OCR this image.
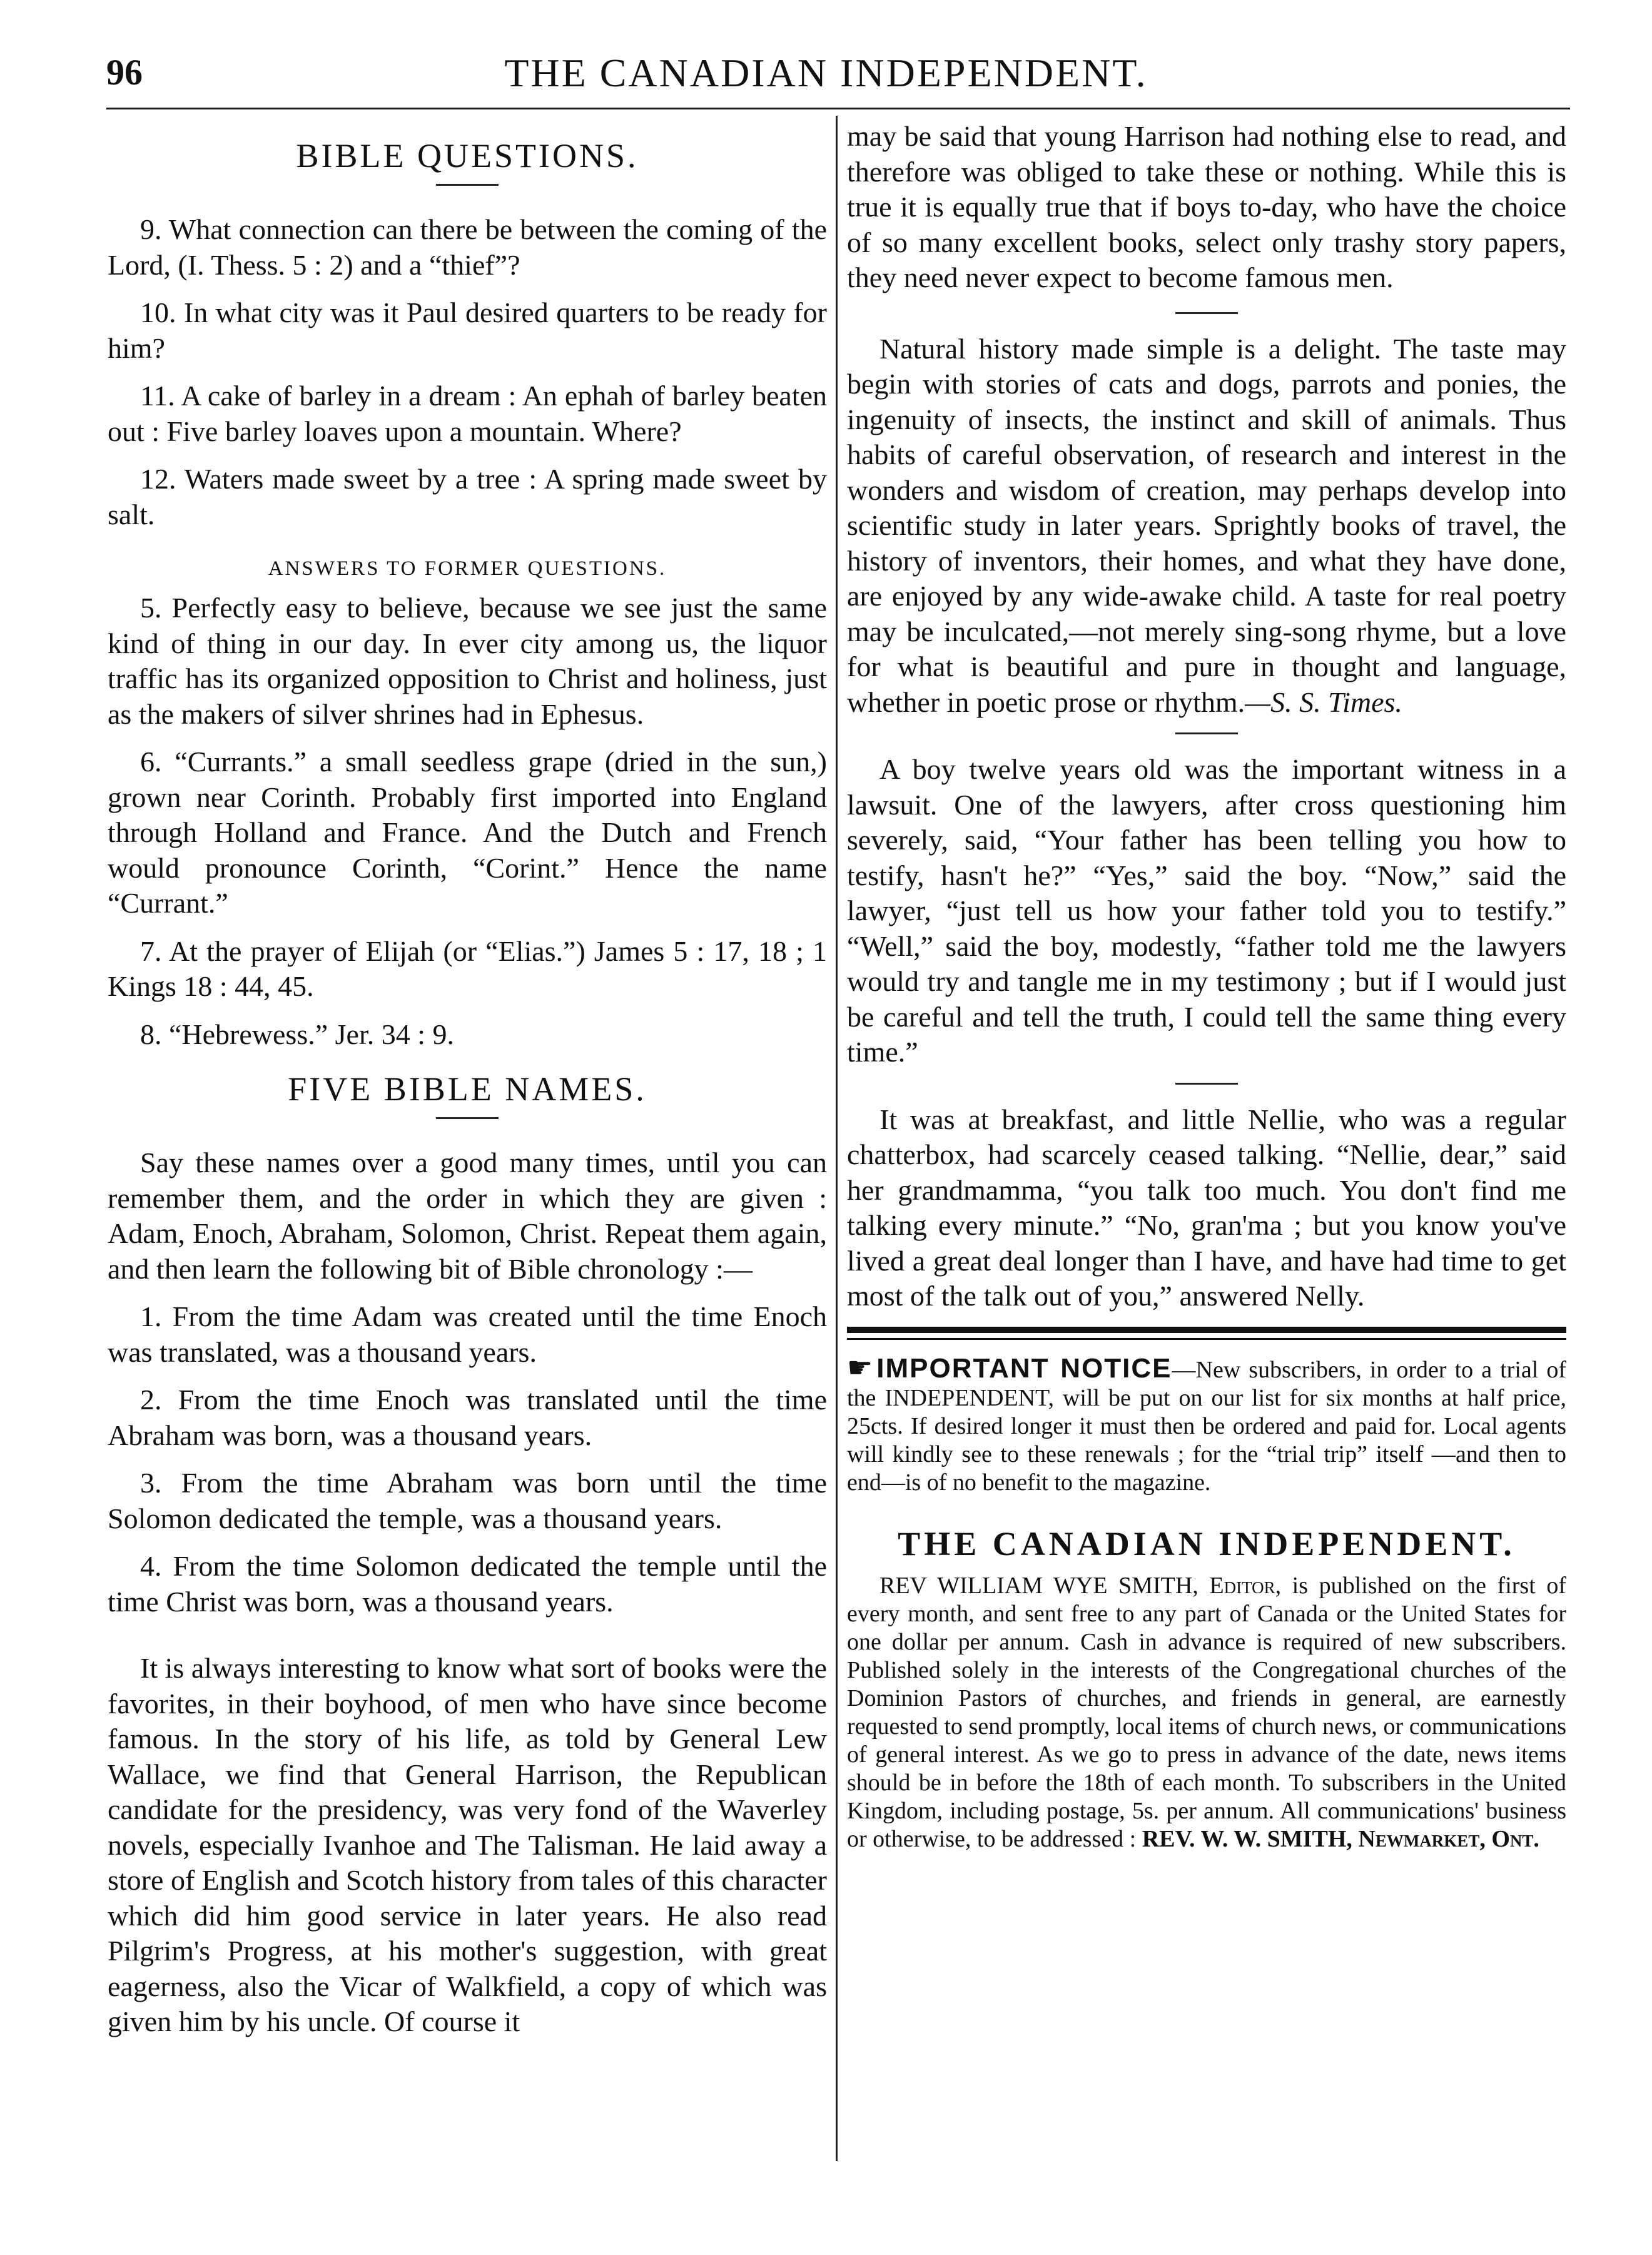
96	THE CANADIAN INDEPENDENT.
BIBLE QUESTIONS.

9. What connection can there be between the coming of the Lord, (I. Thess. 5 : 2) and a “thief”?

10. In what city was it Paul desired quarters to be ready for him?

11. A cake of barley in a dream : An ephah of barley beaten out : Five barley loaves upon a mountain. Where?

12. Waters made sweet by a tree : A spring made sweet by salt.

ANSWERS TO FORMER QUESTIONS.

5. Perfectly easy to believe, because we see just the same kind of thing in our day. In ever city among us, the liquor traffic has its organized opposition to Christ and holiness, just as the makers of silver shrines had in Ephesus.

6. “Currants.” a small seedless grape (dried in the sun,) grown near Corinth. Probably first imported into England through Holland and France. And the Dutch and French would pronounce Corinth, “Corint.” Hence the name “Currant.”

7. At the prayer of Elijah (or “Elias.”) James 5 : 17, 18 ; 1 Kings 18 : 44, 45.

8. “Hebrewess.” Jer. 34 : 9.

FIVE BIBLE NAMES.

Say these names over a good many times, until you can remember them, and the order in which they are given : Adam, Enoch, Abraham, Solomon, Christ. Repeat them again, and then learn the following bit of Bible chronology :—

1. From the time Adam was created until the time Enoch was translated, was a thousand years.

2. From the time Enoch was translated until the time Abraham was born, was a thousand years.

3. From the time Abraham was born until the time Solomon dedicated the temple, was a thousand years.

4. From the time Solomon dedicated the temple until the time Christ was born, was a thousand years.

It is always interesting to know what sort of books were the favorites, in their boyhood, of men who have since become famous. In the story of his life, as told by General Lew Wallace, we find that General Harrison, the Republican candidate for the presidency, was very fond of the Waverley novels, especially Ivanhoe and The Talisman. He laid away a store of English and Scotch history from tales of this character which did him good service in later years. He also read Pilgrim's Progress, at his mother's suggestion, with great eagerness, also the Vicar of Walkfield, a copy of which was given him by his uncle. Of course it

may be said that young Harrison had nothing else to read, and therefore was obliged to take these or nothing. While this is true it is equally true that if boys to-day, who have the choice of so many excellent books, select only trashy story papers, they need never expect to become famous men.

Natural history made simple is a delight. The taste may begin with stories of cats and dogs, parrots and ponies, the ingenuity of insects, the instinct and skill of animals. Thus habits of careful observation, of research and interest in the wonders and wisdom of creation, may perhaps develop into scientific study in later years. Sprightly books of travel, the history of inventors, their homes, and what they have done, are enjoyed by any wide-awake child. A taste for real poetry may be inculcated,—not merely sing-song rhyme, but a love for what is beautiful and pure in thought and language, whether in poetic prose or rhythm.—S. S. Times.

A boy twelve years old was the important witness in a lawsuit. One of the lawyers, after cross questioning him severely, said, “Your father has been telling you how to testify, hasn't he?” “Yes,” said the boy. “Now,” said the lawyer, “just tell us how your father told you to testify.” “Well,” said the boy, modestly, “father told me the lawyers would try and tangle me in my testimony ; but if I would just be careful and tell the truth, I could tell the same thing every time.”

It was at breakfast, and little Nellie, who was a regular chatterbox, had scarcely ceased talking. “Nellie, dear,” said her grandmamma, “you talk too much. You don't find me talking every minute.” “No, gran'ma ; but you know you've lived a great deal longer than I have, and have had time to get most of the talk out of you,” answered Nelly.

☛ IMPORTANT NOTICE—New subscribers, in order to a trial of the INDEPENDENT, will be put on our list for six months at half price, 25cts. If desired longer it must then be ordered and paid for. Local agents will kindly see to these renewals ; for the “trial trip” itself —and then to end—is of no benefit to the magazine.

THE CANADIAN INDEPENDENT.

REV WILLIAM WYE SMITH, Editor, is published on the first of every month, and sent free to any part of Canada or the United States for one dollar per annum. Cash in advance is required of new subscribers. Published solely in the interests of the Congregational churches of the Dominion Pastors of churches, and friends in general, are earnestly requested to send promptly, local items of church news, or communications of general interest. As we go to press in advance of the date, news items should be in before the 18th of each month. To subscribers in the United Kingdom, including postage, 5s. per annum. All communications' business or otherwise, to be addressed : REV. W. W. SMITH, Newmarket, Ont.
